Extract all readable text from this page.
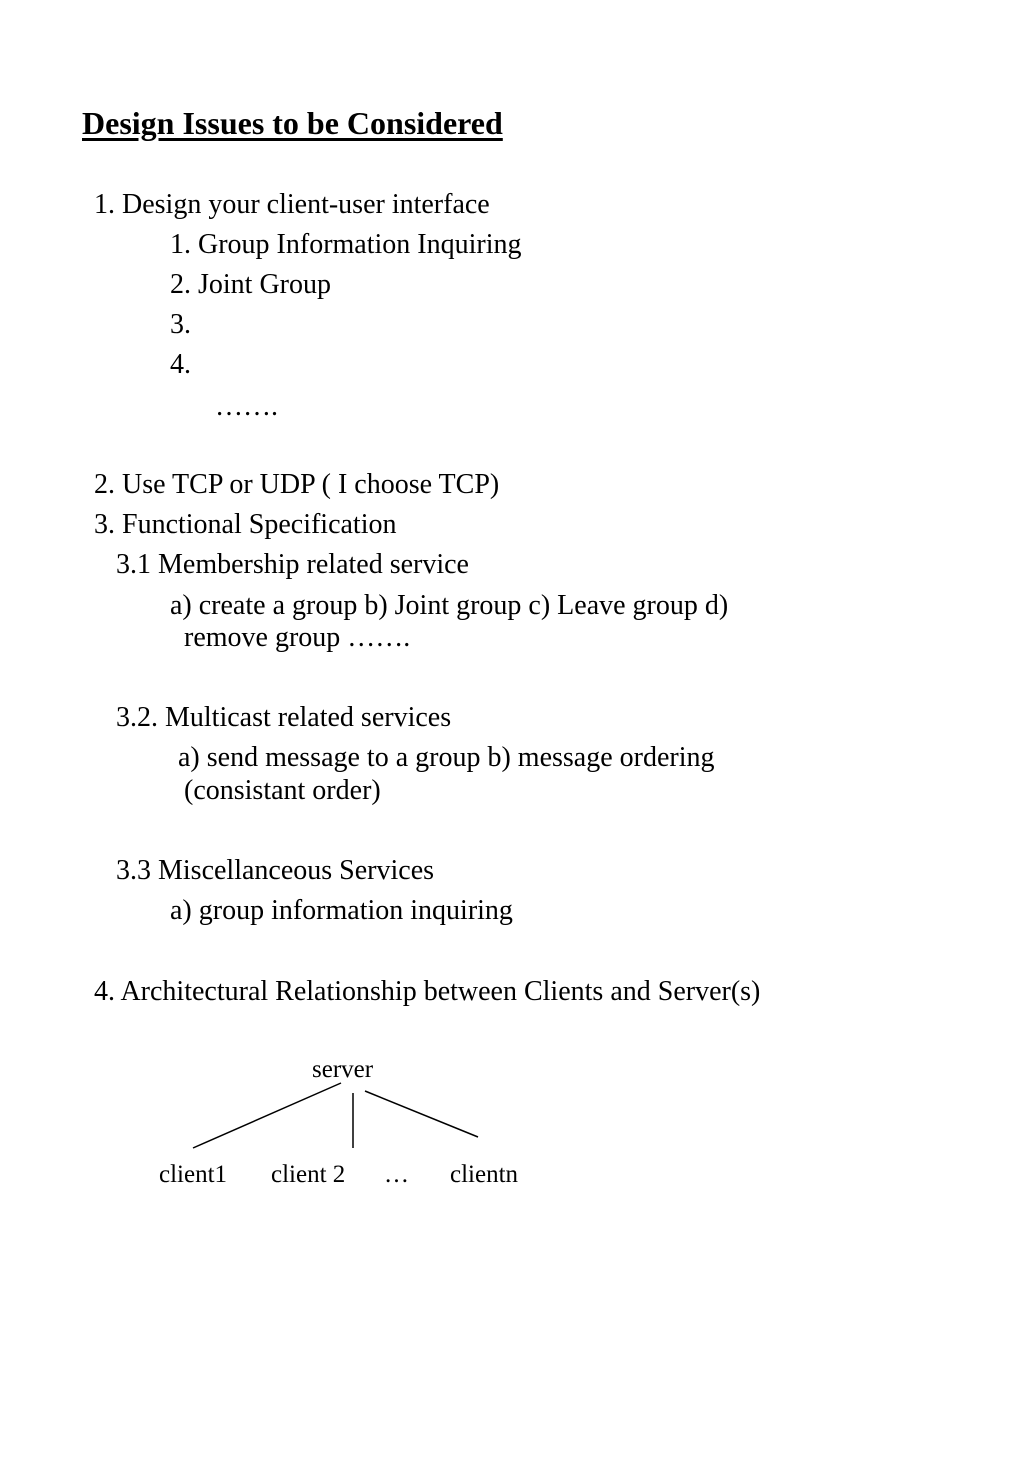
Design Issues to be Considered
1. Design your client-user interface
1. Group Information Inquiring
2. Joint Group
3.
4.
…….
2. Use TCP or UDP ( I choose TCP)
3. Functional Specification
3.1 Membership related service
a) create a group b) Joint group c) Leave group d)
remove group …….
3.2. Multicast related services
a) send message to a group b) message ordering
(consistant order)
3.3 Miscellanceous Services
a) group information inquiring
4. Architectural Relationship between Clients and Server(s)
server
client1 client 2 … clientn
